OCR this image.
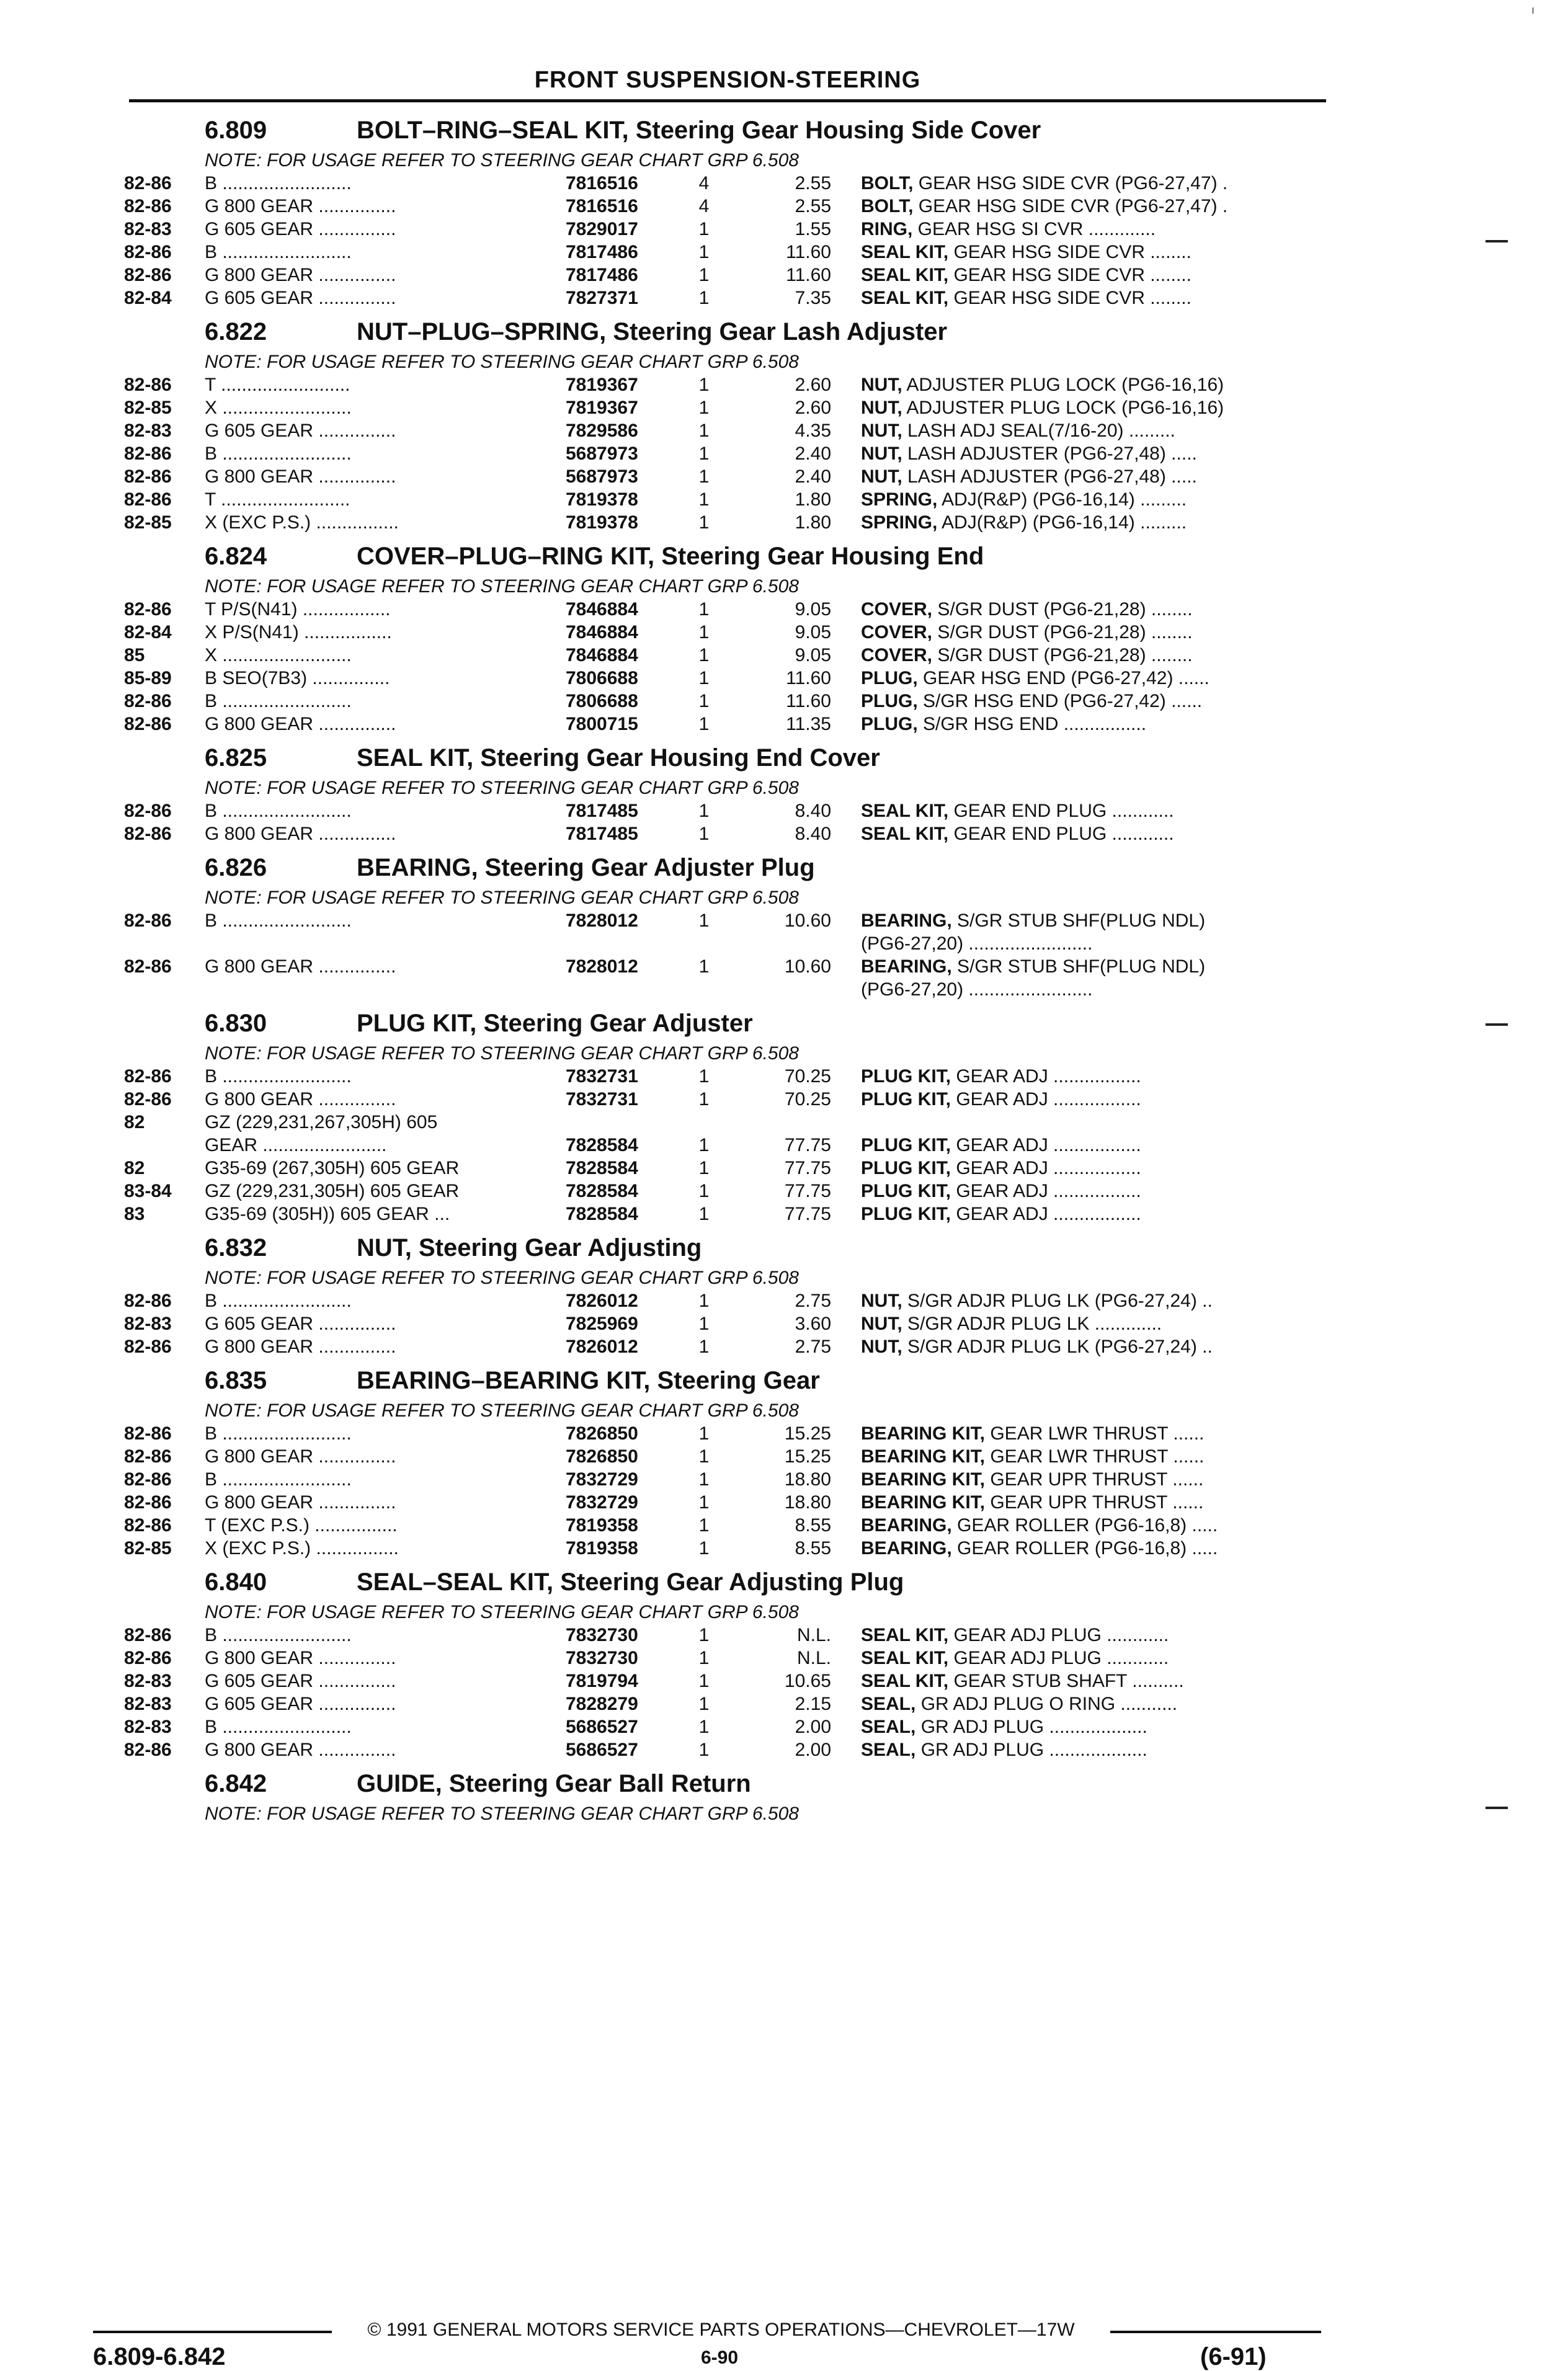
FRONT SUSPENSION-STEERING
6.809	BOLT–RING–SEAL KIT, Steering Gear Housing Side Cover
NOTE: FOR USAGE REFER TO STEERING GEAR CHART GRP 6.508
82-86	B .........................	7816516	4	2.55 BOLT, GEAR HSG SIDE CVR (PG6-27,47) .
82-86	G 800 GEAR ...............	7816516	4	2.55 BOLT, GEAR HSG SIDE CVR (PG6-27,47) .
82-83	G 605 GEAR ...............	7829017	1	1.55 RING, GEAR HSG SI CVR .............
82-86	B .........................	7817486	1	11.60 SEAL KIT, GEAR HSG SIDE CVR ........
82-86	G 800 GEAR ...............	7817486	1	11.60 SEAL KIT, GEAR HSG SIDE CVR ........
82-84	G 605 GEAR ...............	7827371	1	7.35 SEAL KIT, GEAR HSG SIDE CVR ........
6.822	NUT–PLUG–SPRING, Steering Gear Lash Adjuster
NOTE: FOR USAGE REFER TO STEERING GEAR CHART GRP 6.508
82-86	T .........................	7819367	1	2.60 NUT, ADJUSTER PLUG LOCK (PG6-16,16)
82-85	X .........................	7819367	1	2.60 NUT, ADJUSTER PLUG LOCK (PG6-16,16)
82-83	G 605 GEAR ...............	7829586	1	4.35 NUT, LASH ADJ SEAL(7/16-20) .........
82-86	B .........................	5687973	1	2.40 NUT, LASH ADJUSTER (PG6-27,48) .....
82-86	G 800 GEAR ...............	5687973	1	2.40 NUT, LASH ADJUSTER (PG6-27,48) .....
82-86	T .........................	7819378	1	1.80 SPRING, ADJ(R&P) (PG6-16,14) .........
82-85	X (EXC P.S.) ................	7819378	1	1.80 SPRING, ADJ(R&P) (PG6-16,14) .........
6.824	COVER–PLUG–RING KIT, Steering Gear Housing End
NOTE: FOR USAGE REFER TO STEERING GEAR CHART GRP 6.508
82-86	T P/S(N41) .................	7846884	1	9.05 COVER, S/GR DUST (PG6-21,28) ........
82-84	X P/S(N41) .................	7846884	1	9.05 COVER, S/GR DUST (PG6-21,28) ........
85	X .........................	7846884	1	9.05 COVER, S/GR DUST (PG6-21,28) ........
85-89	B SEO(7B3) ...............	7806688	1	11.60 PLUG, GEAR HSG END (PG6-27,42) ......
82-86	B .........................	7806688	1	11.60 PLUG, S/GR HSG END (PG6-27,42) ......
82-86	G 800 GEAR ...............	7800715	1	11.35 PLUG, S/GR HSG END ................
6.825	SEAL KIT, Steering Gear Housing End Cover
NOTE: FOR USAGE REFER TO STEERING GEAR CHART GRP 6.508
82-86	B .........................	7817485	1	8.40 SEAL KIT, GEAR END PLUG ............
82-86	G 800 GEAR ...............	7817485	1	8.40 SEAL KIT, GEAR END PLUG ............
6.826	BEARING, Steering Gear Adjuster Plug
NOTE: FOR USAGE REFER TO STEERING GEAR CHART GRP 6.508
82-86	B .........................	7828012	1	10.60 BEARING, S/GR STUB SHF(PLUG NDL)
(PG6-27,20) ........................
82-86	G 800 GEAR ...............	7828012	1	10.60 BEARING, S/GR STUB SHF(PLUG NDL)
(PG6-27,20) ........................
6.830	PLUG KIT, Steering Gear Adjuster
NOTE: FOR USAGE REFER TO STEERING GEAR CHART GRP 6.508
82-86	B .........................	7832731	1	70.25 PLUG KIT, GEAR ADJ .................
82-86	G 800 GEAR ...............	7832731	1	70.25 PLUG KIT, GEAR ADJ .................
82	GZ (229,231,267,305H) 605
GEAR ........................	7828584	1	77.75 PLUG KIT, GEAR ADJ .................
82	G35-69 (267,305H) 605 GEAR	7828584	1	77.75 PLUG KIT, GEAR ADJ .................
83-84	GZ (229,231,305H) 605 GEAR	7828584	1	77.75 PLUG KIT, GEAR ADJ .................
83	G35-69 (305H)) 605 GEAR ...	7828584	1	77.75 PLUG KIT, GEAR ADJ .................
6.832	NUT, Steering Gear Adjusting
NOTE: FOR USAGE REFER TO STEERING GEAR CHART GRP 6.508
82-86	B .........................	7826012	1	2.75 NUT, S/GR ADJR PLUG LK (PG6-27,24) ..
82-83	G 605 GEAR ...............	7825969	1	3.60 NUT, S/GR ADJR PLUG LK .............
82-86	G 800 GEAR ...............	7826012	1	2.75 NUT, S/GR ADJR PLUG LK (PG6-27,24) ..
6.835	BEARING–BEARING KIT, Steering Gear
NOTE: FOR USAGE REFER TO STEERING GEAR CHART GRP 6.508
82-86	B .........................	7826850	1	15.25 BEARING KIT, GEAR LWR THRUST ......
82-86	G 800 GEAR ...............	7826850	1	15.25 BEARING KIT, GEAR LWR THRUST ......
82-86	B .........................	7832729	1	18.80 BEARING KIT, GEAR UPR THRUST ......
82-86	G 800 GEAR ...............	7832729	1	18.80 BEARING KIT, GEAR UPR THRUST ......
82-86	T (EXC P.S.) ................	7819358	1	8.55 BEARING, GEAR ROLLER (PG6-16,8) .....
82-85	X (EXC P.S.) ................	7819358	1	8.55 BEARING, GEAR ROLLER (PG6-16,8) .....
6.840	SEAL–SEAL KIT, Steering Gear Adjusting Plug
NOTE: FOR USAGE REFER TO STEERING GEAR CHART GRP 6.508
82-86	B .........................	7832730	1	N.L. SEAL KIT, GEAR ADJ PLUG ............
82-86	G 800 GEAR ...............	7832730	1	N.L. SEAL KIT, GEAR ADJ PLUG ............
82-83	G 605 GEAR ...............	7819794	1	10.65 SEAL KIT, GEAR STUB SHAFT ..........
82-83	G 605 GEAR ...............	7828279	1	2.15 SEAL, GR ADJ PLUG O RING ...........
82-83	B .........................	5686527	1	2.00 SEAL, GR ADJ PLUG ...................
82-86	G 800 GEAR ...............	5686527	1	2.00 SEAL, GR ADJ PLUG ...................
6.842	GUIDE, Steering Gear Ball Return
NOTE: FOR USAGE REFER TO STEERING GEAR CHART GRP 6.508
© 1991 GENERAL MOTORS SERVICE PARTS OPERATIONS—CHEVROLET—17W
6.809-6.842	6-90	(6-91)
